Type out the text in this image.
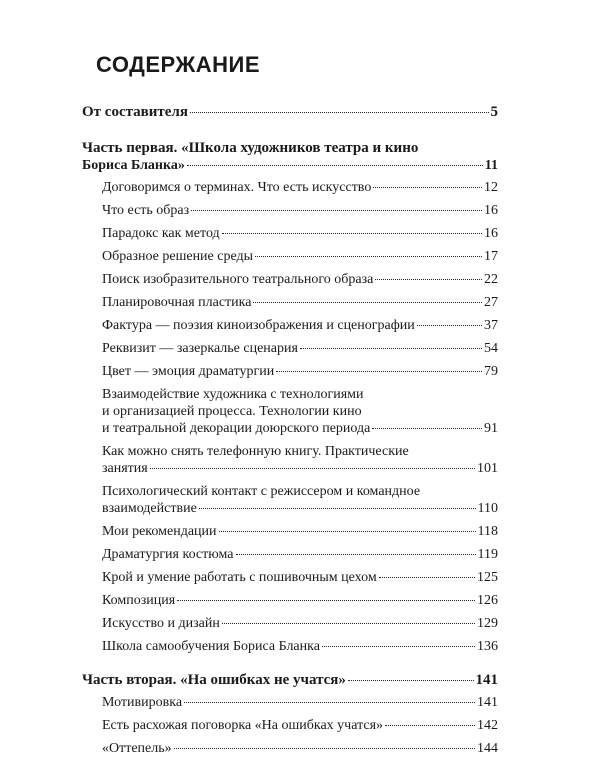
СОДЕРЖАНИЕ
От составителя	5
Часть первая. «Школа художников театра и кино
Бориса Бланка»	11
Договоримся о терминах. Что есть искусство	12
Что есть образ	16
Парадокс как метод	16
Образное решение среды	17
Поиск изобразительного театрального образа	22
Планировочная пластика	27
Фактура — поэзия киноизображения и сценографии	37
Реквизит — зазеркалье сценария	54
Цвет — эмоция драматургии	79
Взаимодействие художника с технологиями
и организацией процесса. Технологии кино
и театральной декорации доюрского периода	91
Как можно снять телефонную книгу. Практические
занятия	101
Психологический контакт с режиссером и командное
взаимодействие	110
Мои рекомендации	118
Драматургия костюма	119
Крой и умение работать с пошивочным цехом	125
Композиция	126
Искусство и дизайн	129
Школа самообучения Бориса Бланка	136
Часть вторая. «На ошибках не учатся»	141
Мотивировка	141
Есть расхожая поговорка «На ошибках учатся»	142
«Оттепель»	144
